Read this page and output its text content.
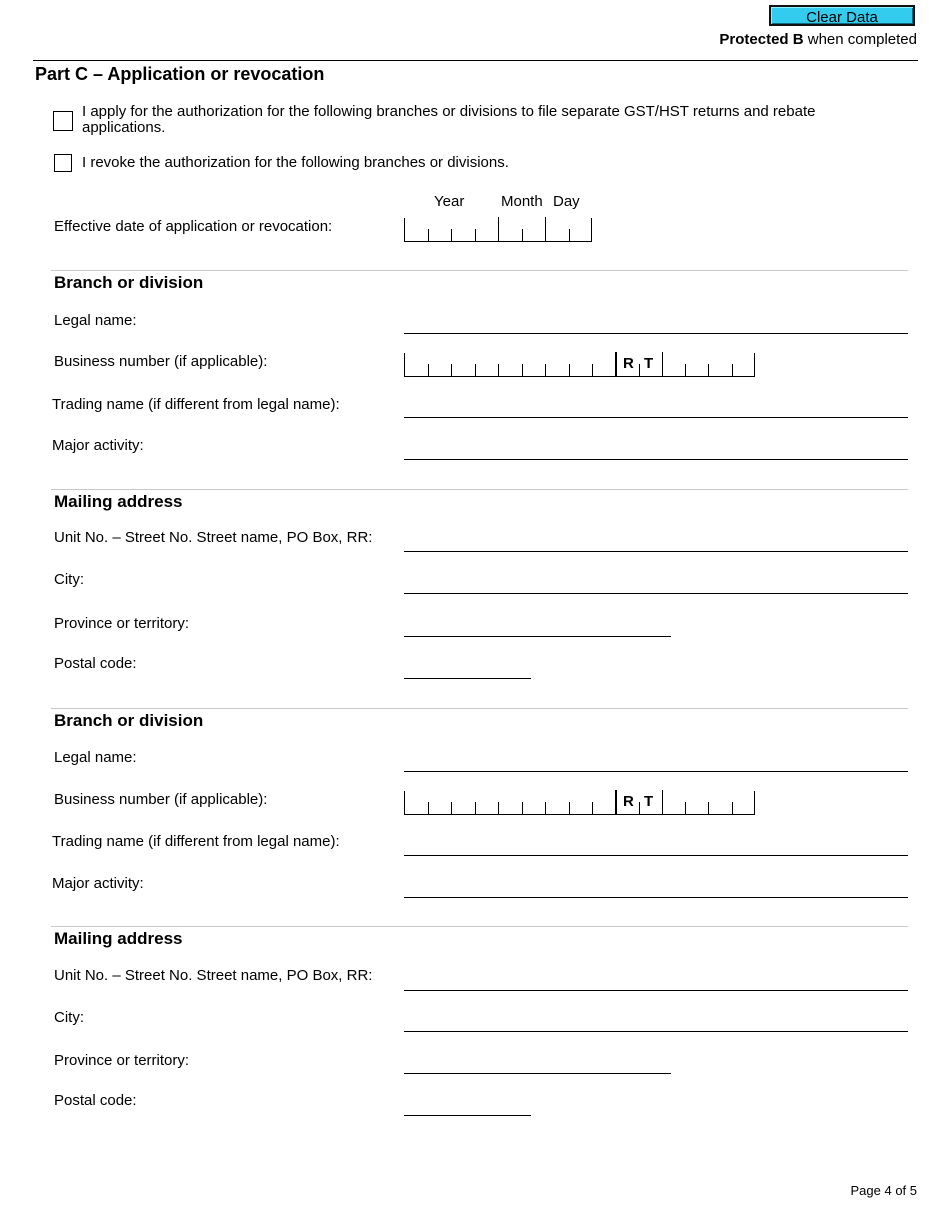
Clear Data
Protected B when completed
Part C – Application or revocation
I apply for the authorization for the following branches or divisions to file separate GST/HST returns and rebate applications.
I revoke the authorization for the following branches or divisions.
Year Month Day
Effective date of application or revocation:
Branch or division
Legal name:
Business number (if applicable):	R T
Trading name (if different from legal name):
Major activity:
Mailing address
Unit No. – Street No. Street name, PO Box, RR:
City:
Province or territory:
Postal code:
Branch or division
Legal name:
Business number (if applicable):	R T
Trading name (if different from legal name):
Major activity:
Mailing address
Unit No. – Street No. Street name, PO Box, RR:
City:
Province or territory:
Postal code:
Page 4 of 5
